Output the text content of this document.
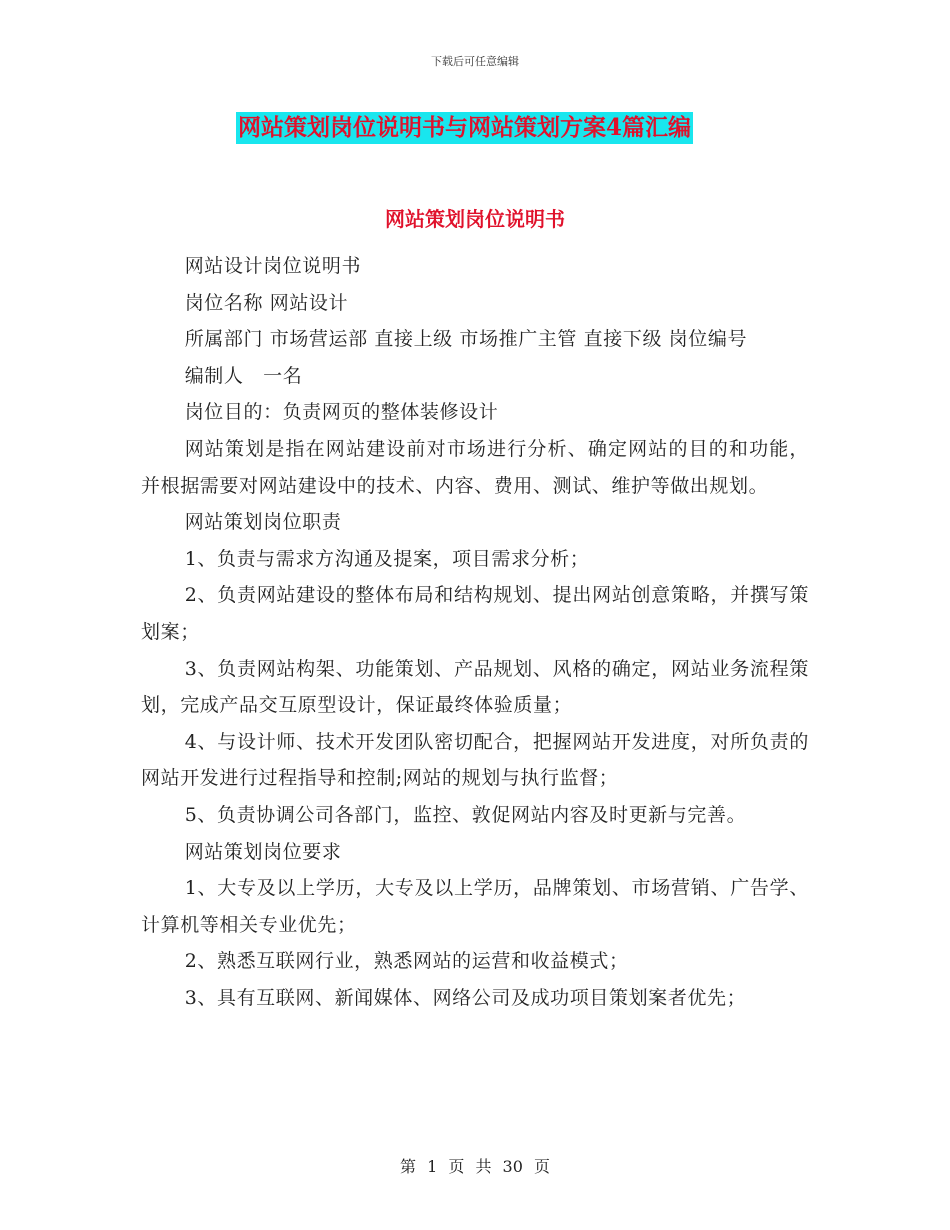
下载后可任意编辑
网站策划岗位说明书与网站策划方案4篇汇编
网站策划岗位说明书

网站设计岗位说明书

岗位名称 网站设计

所属部门 市场营运部 直接上级 市场推广主管 直接下级 岗位编号

编制人　一名

岗位目的：负责网页的整体装修设计

网站策划是指在网站建设前对市场进行分析、确定网站的目的和功能，并根据需要对网站建设中的技术、内容、费用、测试、维护等做出规划。

网站策划岗位职责

1、负责与需求方沟通及提案，项目需求分析；

2、负责网站建设的整体布局和结构规划、提出网站创意策略，并撰写策划案；

3、负责网站构架、功能策划、产品规划、风格的确定，网站业务流程策划，完成产品交互原型设计，保证最终体验质量；

4、与设计师、技术开发团队密切配合，把握网站开发进度，对所负责的网站开发进行过程指导和控制;网站的规划与执行监督；

5、负责协调公司各部门，监控、敦促网站内容及时更新与完善。

网站策划岗位要求

1、大专及以上学历，大专及以上学历，品牌策划、市场营销、广告学、计算机等相关专业优先；

2、熟悉互联网行业，熟悉网站的运营和收益模式；

3、具有互联网、新闻媒体、网络公司及成功项目策划案者优先；

第 1 页 共 30 页
